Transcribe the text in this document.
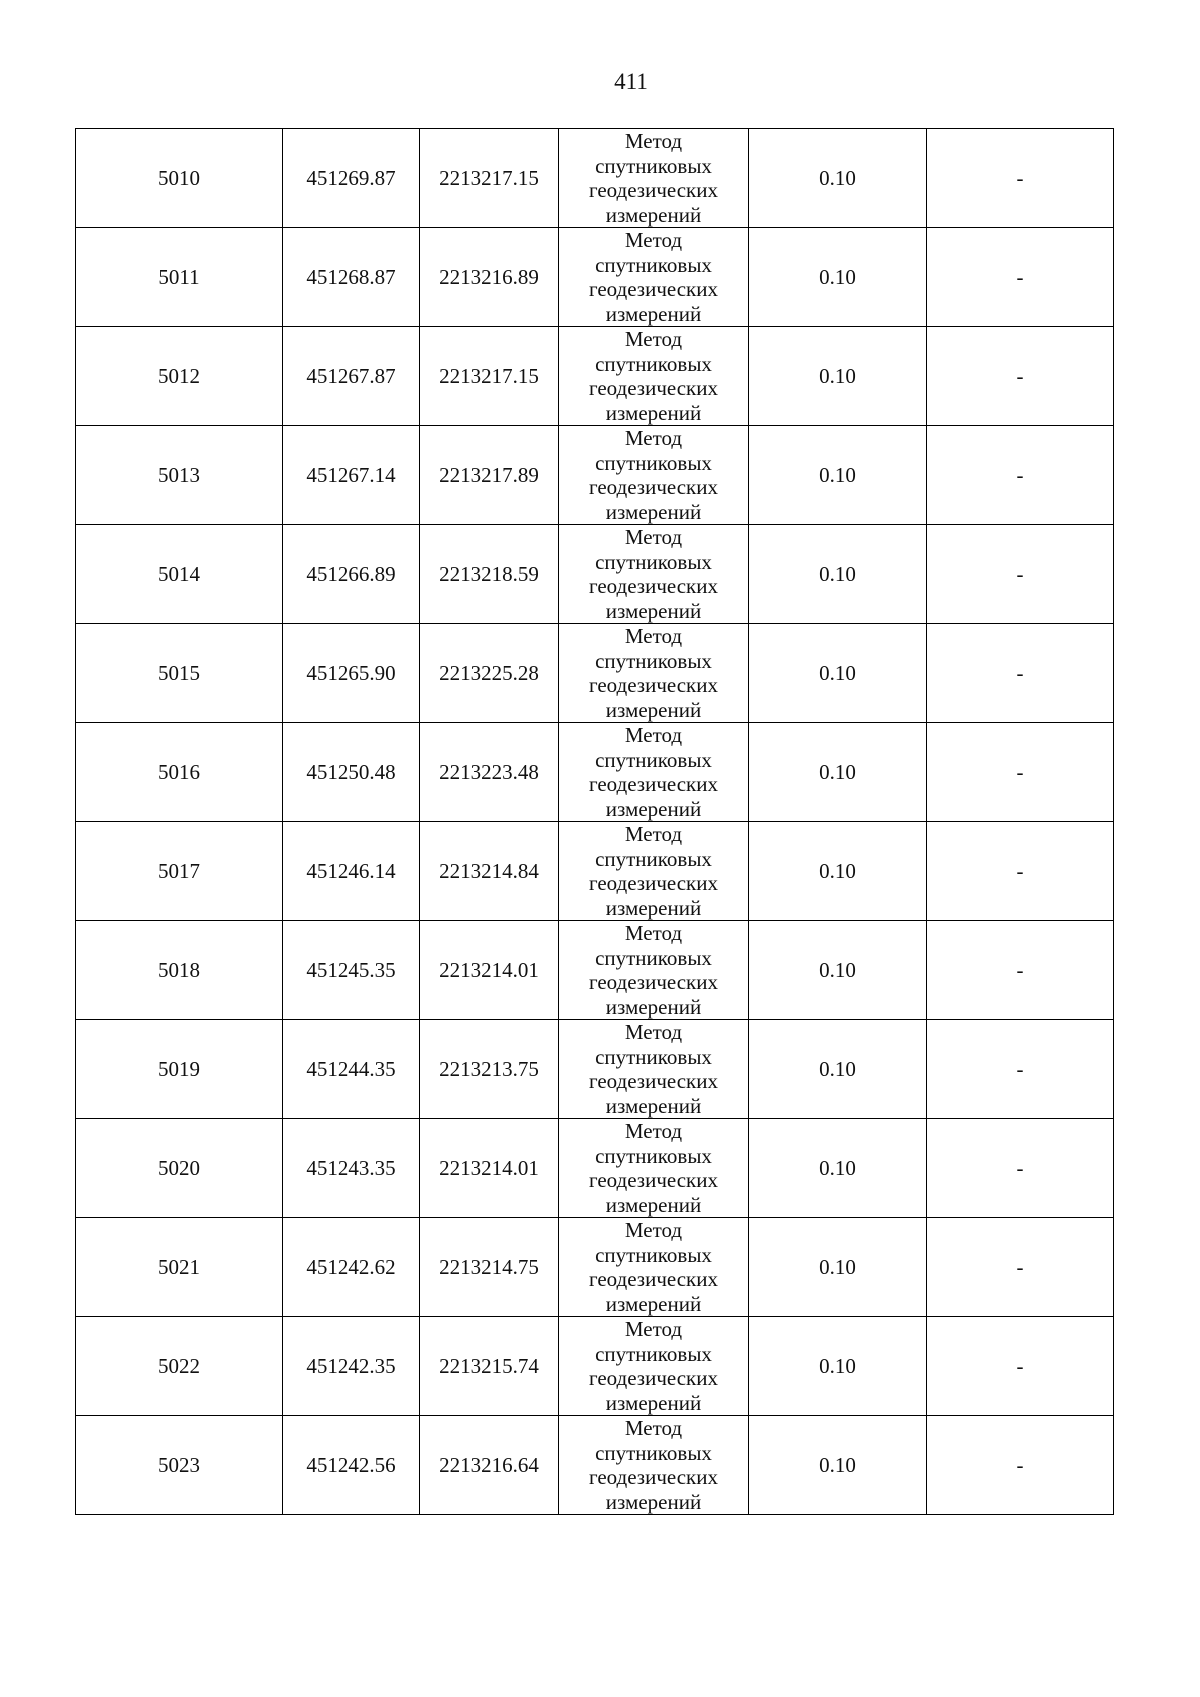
411
5010	451269.87	2213217.15	Метод
спутниковых
геодезических
измерений	0.10	-
5011	451268.87	2213216.89	Метод
спутниковых
геодезических
измерений	0.10	-
5012	451267.87	2213217.15	Метод
спутниковых
геодезических
измерений	0.10	-
5013	451267.14	2213217.89	Метод
спутниковых
геодезических
измерений	0.10	-
5014	451266.89	2213218.59	Метод
спутниковых
геодезических
измерений	0.10	-
5015	451265.90	2213225.28	Метод
спутниковых
геодезических
измерений	0.10	-
5016	451250.48	2213223.48	Метод
спутниковых
геодезических
измерений	0.10	-
5017	451246.14	2213214.84	Метод
спутниковых
геодезических
измерений	0.10	-
5018	451245.35	2213214.01	Метод
спутниковых
геодезических
измерений	0.10	-
5019	451244.35	2213213.75	Метод
спутниковых
геодезических
измерений	0.10	-
5020	451243.35	2213214.01	Метод
спутниковых
геодезических
измерений	0.10	-
5021	451242.62	2213214.75	Метод
спутниковых
геодезических
измерений	0.10	-
5022	451242.35	2213215.74	Метод
спутниковых
геодезических
измерений	0.10	-
5023	451242.56	2213216.64	Метод
спутниковых
геодезических
измерений	0.10	-
